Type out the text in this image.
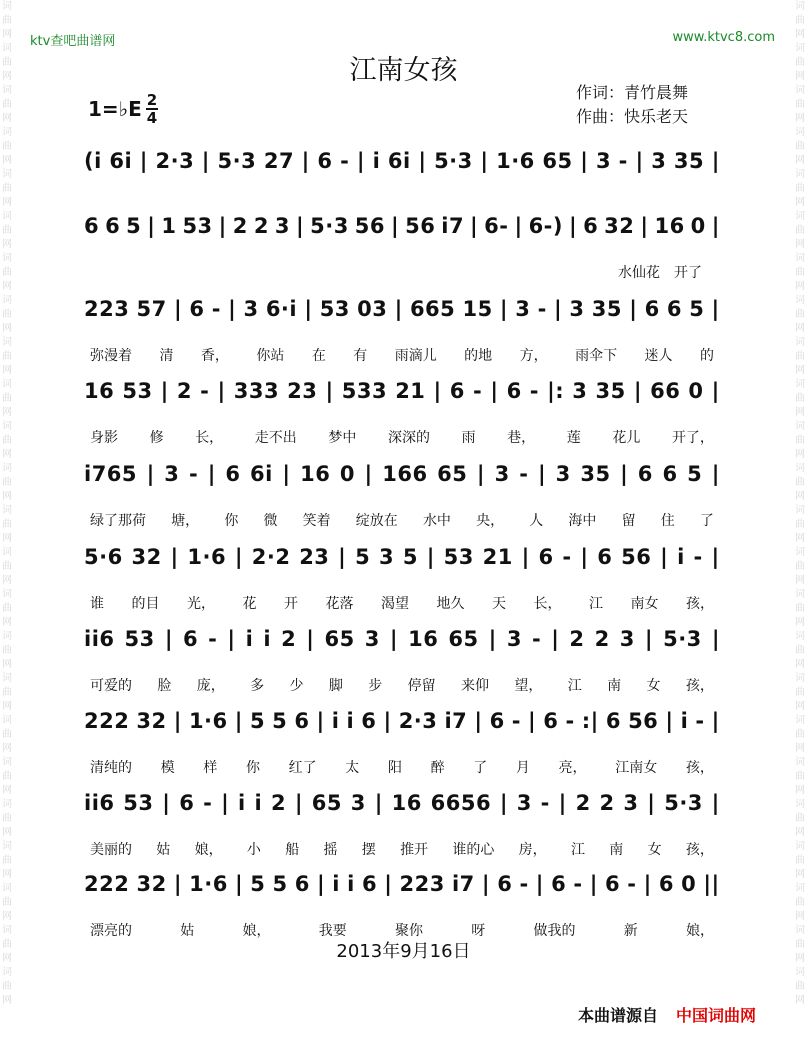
词曲网词曲网词曲网词曲网词曲网词曲网词曲网词曲网词曲网词曲网词曲网词曲网词曲网词曲网词曲网词曲网词曲网词曲网词曲网词曲网词曲网词曲网词曲网词曲网
词曲网词曲网词曲网词曲网词曲网词曲网词曲网词曲网词曲网词曲网词曲网词曲网词曲网词曲网词曲网词曲网词曲网词曲网词曲网词曲网词曲网词曲网词曲网词曲网
ktv查吧曲谱网	www.ktvc8.com
江南女孩
作词：青竹晨舞
作曲：快乐老天
1=♭E 2
4
(i 6i | 2·3 | 5·3 27 | 6 - | i 6i | 5·3 | 1·6 65 | 3 - | 3 35 |
6 6 5 | 1 53 | 2 2 3 | 5·3 56 | 56 i7 | 6- | 6-) | 6 32 | 16 0 |
水仙花 开了
223 57 | 6 - | 3 6·i | 53 03 | 665 15 | 3 - | 3 35 | 6 6 5 |
弥漫着 清 香， 你站 在 有 雨滴儿 的地 方， 雨伞下 迷人 的
16 53 | 2 - | 333 23 | 533 21 | 6 - | 6 - |: 3 35 | 66 0 |
身影 修 长， 走不出 梦中 深深的 雨 巷， 莲 花儿 开了，
i765 | 3 - | 6 6i | 16 0 | 166 65 | 3 - | 3 35 | 6 6 5 |
绿了那荷 塘， 你 微 笑着 绽放在 水中 央， 人 海中 留 住 了
5·6 32 | 1·6 | 2·2 23 | 5 3 5 | 53 21 | 6 - | 6 56 | i - |
谁 的目 光， 花 开 花落 渴望 地久 天 长， 江 南女 孩，
ii6 53 | 6 - | i i 2 | 65 3 | 16 65 | 3 - | 2 2 3 | 5·3 |
可爱的 脸 庞， 多 少 脚 步 停留 来仰 望， 江 南 女 孩，
222 32 | 1·6 | 5 5 6 | i i 6 | 2·3 i7 | 6 - | 6 - :| 6 56 | i - |
清纯的 模 样 你 红了 太 阳 醉 了 月 亮， 江南女 孩，
ii6 53 | 6 - | i i 2 | 65 3 | 16 6656 | 3 - | 2 2 3 | 5·3 |
美丽的 姑 娘， 小 船 摇 摆 推开 谁的心 房， 江 南 女 孩，
222 32 | 1·6 | 5 5 6 | i i 6 | 223 i7 | 6 - | 6 - | 6 - | 6 0 ||
漂亮的	姑	娘，	我要	聚你	呀	做我的	新	娘，
2013年9月16日
本曲谱源自 中国词曲网
